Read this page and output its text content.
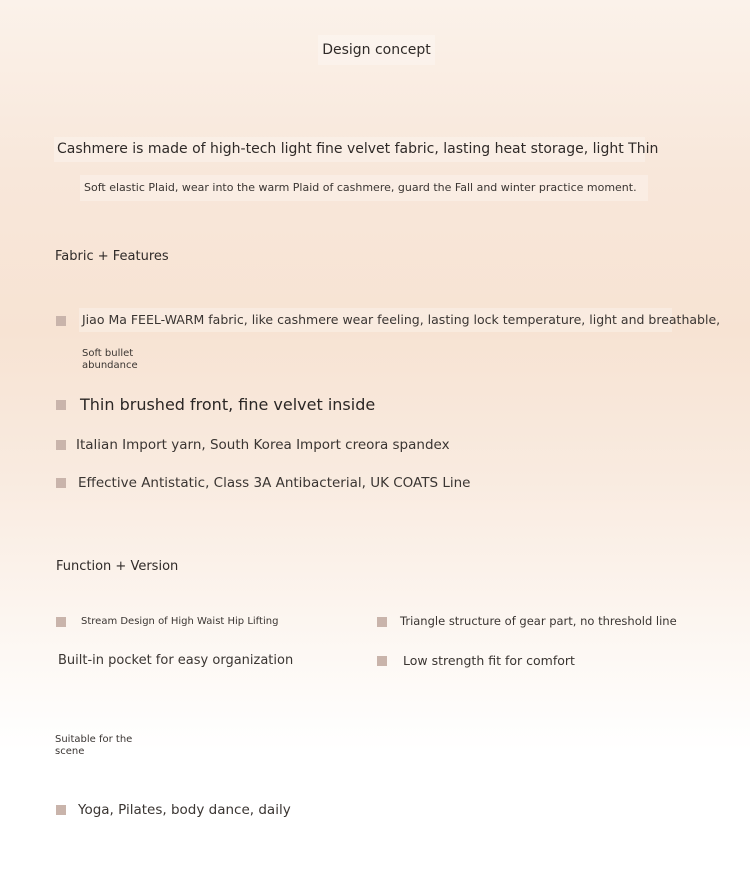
Design concept
Cashmere is made of high-tech light fine velvet fabric, lasting heat storage, light Thin
Soft elastic Plaid, wear into the warm Plaid of cashmere, guard the Fall and winter practice moment.
Fabric + Features
Jiao Ma FEEL-WARM fabric, like cashmere wear feeling, lasting lock temperature, light and breathable,
Soft bullet
abundance
Thin brushed front, fine velvet inside
Italian Import yarn, South Korea Import creora spandex
Effective Antistatic, Class 3A Antibacterial, UK COATS Line
Function + Version
Stream Design of High Waist Hip Lifting	Triangle structure of gear part, no threshold line
Built-in pocket for easy organization	Low strength fit for comfort
Suitable for the
scene
Yoga, Pilates, body dance, daily
